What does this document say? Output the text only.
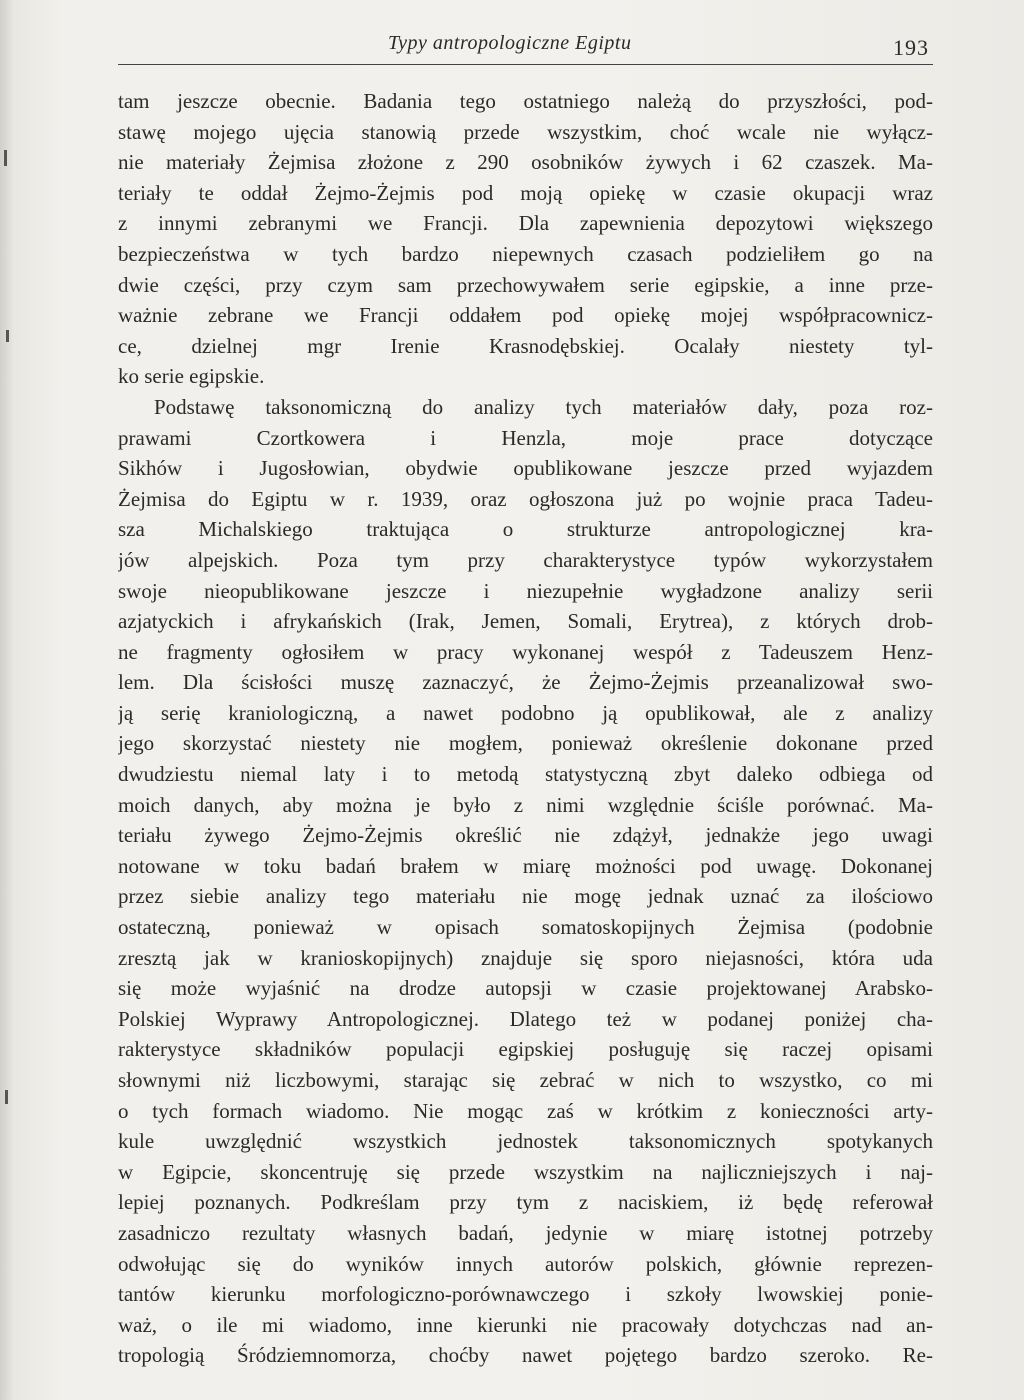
Typy antropologiczne Egiptu	193
tam jeszcze obecnie. Badania tego ostatniego należą do przyszłości, pod-
stawę mojego ujęcia stanowią przede wszystkim, choć wcale nie wyłącz-
nie materiały Żejmisa złożone z 290 osobników żywych i 62 czaszek. Ma-
teriały te oddał Żejmo-Żejmis pod moją opiekę w czasie okupacji wraz
z innymi zebranymi we Francji. Dla zapewnienia depozytowi większego
bezpieczeństwa w tych bardzo niepewnych czasach podzieliłem go na
dwie części, przy czym sam przechowywałem serie egipskie, a inne prze-
ważnie zebrane we Francji oddałem pod opiekę mojej współpracownicz-
ce, dzielnej mgr Irenie Krasnodębskiej. Ocalały niestety tyl-
ko serie egipskie.
Podstawę taksonomiczną do analizy tych materiałów dały, poza roz-
prawami Czortkowera i Henzla, moje prace dotyczące
Sikhów i Jugosłowian, obydwie opublikowane jeszcze przed wyjazdem
Żejmisa do Egiptu w r. 1939, oraz ogłoszona już po wojnie praca Tadeu-
sza Michalskiego traktująca o strukturze antropologicznej kra-
jów alpejskich. Poza tym przy charakterystyce typów wykorzystałem
swoje nieopublikowane jeszcze i niezupełnie wygładzone analizy serii
azjatyckich i afrykańskich (Irak, Jemen, Somali, Erytrea), z których drob-
ne fragmenty ogłosiłem w pracy wykonanej wespół z Tadeuszem Henz-
lem. Dla ścisłości muszę zaznaczyć, że Żejmo-Żejmis przeanalizował swo-
ją serię kraniologiczną, a nawet podobno ją opublikował, ale z analizy
jego skorzystać niestety nie mogłem, ponieważ określenie dokonane przed
dwudziestu niemal laty i to metodą statystyczną zbyt daleko odbiega od
moich danych, aby można je było z nimi względnie ściśle porównać. Ma-
teriału żywego Żejmo-Żejmis określić nie zdążył, jednakże jego uwagi
notowane w toku badań brałem w miarę możności pod uwagę. Dokonanej
przez siebie analizy tego materiału nie mogę jednak uznać za ilościowo
ostateczną, ponieważ w opisach somatoskopijnych Żejmisa (podobnie
zresztą jak w kranioskopijnych) znajduje się sporo niejasności, która uda
się może wyjaśnić na drodze autopsji w czasie projektowanej Arabsko-
Polskiej Wyprawy Antropologicznej. Dlatego też w podanej poniżej cha-
rakterystyce składników populacji egipskiej posługuję się raczej opisami
słownymi niż liczbowymi, starając się zebrać w nich to wszystko, co mi
o tych formach wiadomo. Nie mogąc zaś w krótkim z konieczności arty-
kule uwzględnić wszystkich jednostek taksonomicznych spotykanych
w Egipcie, skoncentruję się przede wszystkim na najliczniejszych i naj-
lepiej poznanych. Podkreślam przy tym z naciskiem, iż będę referował
zasadniczo rezultaty własnych badań, jedynie w miarę istotnej potrzeby
odwołując się do wyników innych autorów polskich, głównie reprezen-
tantów kierunku morfologiczno-porównawczego i szkoły lwowskiej ponie-
waż, o ile mi wiadomo, inne kierunki nie pracowały dotychczas nad an-
tropologią Śródziemnomorza, choćby nawet pojętego bardzo szeroko. Re-
